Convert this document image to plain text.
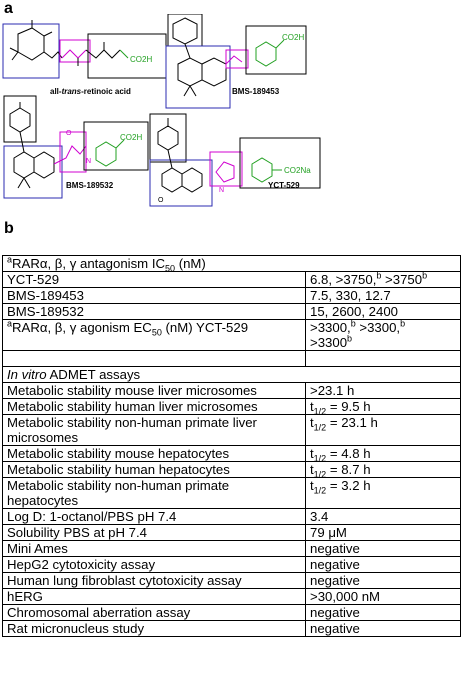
a
CO2H
CO2H
CO2H
CO2Na
O
N
O
N
all-trans-retinoic acid	BMS-189453
BMS-189532	YCT-529
b
$^a$RARα, β, γ antagonism $IC_{50}$ (nM)	
YCT-529	6.8, $>3750,^b >3750^b$
BMS-189453	7.5, 330, 12.7
BMS-189532	15, 2600, 2400
$^a$RARα, β, γ agonism $EC_{50}$ (nM) YCT-529	>3300,$^b$ >3300,$^b$
$>3300^b$

In vitro ADMET assays	
Metabolic stability mouse liver microsomes	>23.1 h
Metabolic stability human liver microsomes	$t_{1/2} = 9.5$ h
Metabolic stability non-human primate liver microsomes	$t_{1/2} = 23.1$ h
Metabolic stability mouse hepatocytes	$t_{1/2} = 4.8$ h
Metabolic stability human hepatocytes	$t_{1/2} = 8.7$ h
Metabolic stability non-human primate hepatocytes	$t_{1/2} = 3.2$ h
Log D: 1-octanol/PBS pH 7.4	3.4
Solubility PBS at pH 7.4	79 μM
Mini Ames	negative
HepG2 cytotoxicity assay	negative
Human lung fibroblast cytotoxicity assay	negative
hERG	>30,000 nM
Chromosomal aberration assay	negative
Rat micronucleus study	negative
